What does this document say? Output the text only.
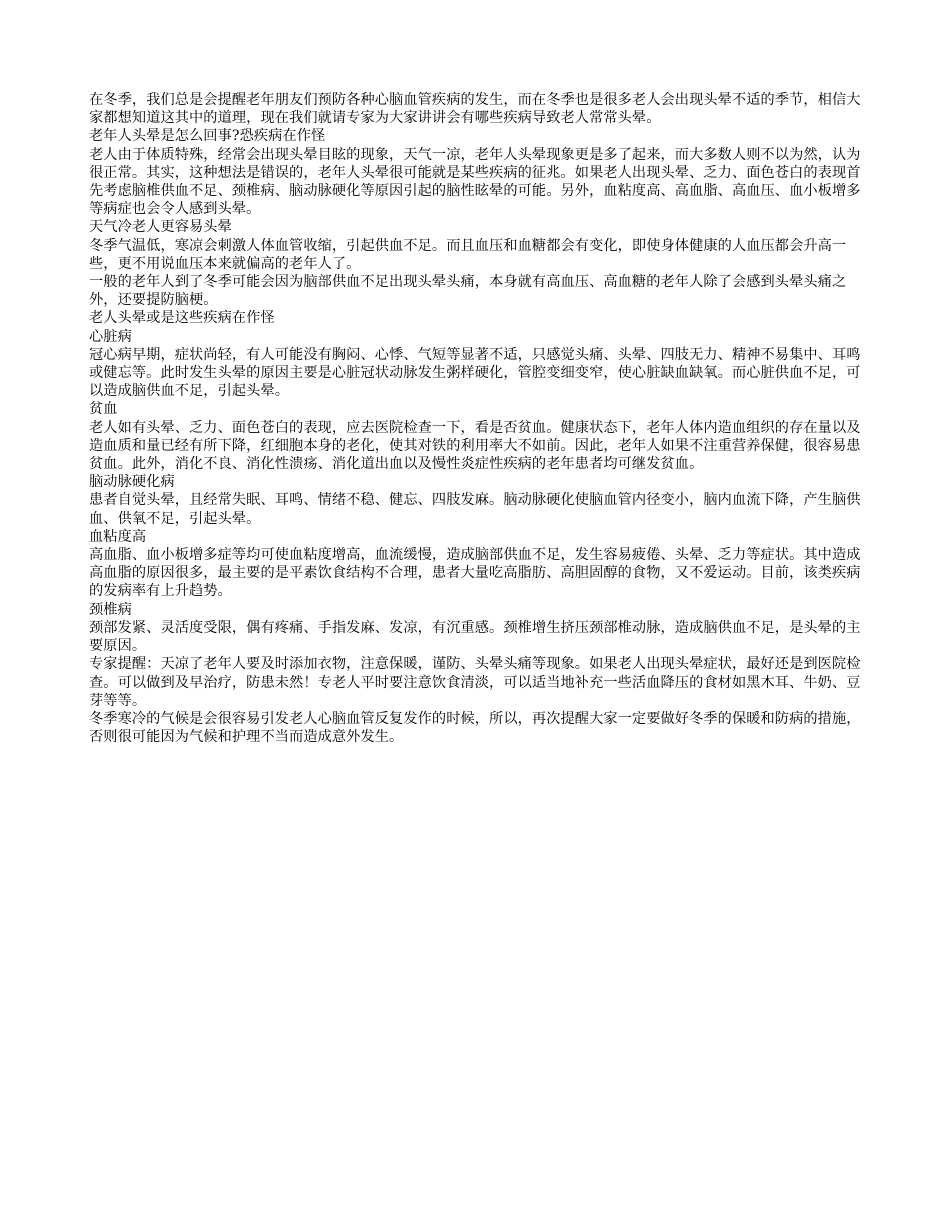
在冬季，我们总是会提醒老年朋友们预防各种心脑血管疾病的发生，而在冬季也是很多老人会出现头晕不适的季节，相信大家都想知道这其中的道理，现在我们就请专家为大家讲讲会有哪些疾病导致老人常常头晕。

老年人头晕是怎么回事?恐疾病在作怪

老人由于体质特殊，经常会出现头晕目眩的现象，天气一凉，老年人头晕现象更是多了起来，而大多数人则不以为然，认为很正常。其实，这种想法是错误的，老年人头晕很可能就是某些疾病的征兆。如果老人出现头晕、乏力、面色苍白的表现首先考虑脑椎供血不足、颈椎病、脑动脉硬化等原因引起的脑性眩晕的可能。另外，血粘度高、高血脂、高血压、血小板增多等病症也会令人感到头晕。

天气冷老人更容易头晕

冬季气温低，寒凉会刺激人体血管收缩，引起供血不足。而且血压和血糖都会有变化，即使身体健康的人血压都会升高一些，更不用说血压本来就偏高的老年人了。

一般的老年人到了冬季可能会因为脑部供血不足出现头晕头痛，本身就有高血压、高血糖的老年人除了会感到头晕头痛之外，还要提防脑梗。

老人头晕或是这些疾病在作怪

心脏病

冠心病早期，症状尚轻，有人可能没有胸闷、心悸、气短等显著不适，只感觉头痛、头晕、四肢无力、精神不易集中、耳鸣或健忘等。此时发生头晕的原因主要是心脏冠状动脉发生粥样硬化，管腔变细变窄，使心脏缺血缺氧。而心脏供血不足，可以造成脑供血不足，引起头晕。

贫血

老人如有头晕、乏力、面色苍白的表现，应去医院检查一下，看是否贫血。健康状态下，老年人体内造血组织的存在量以及造血质和量已经有所下降，红细胞本身的老化，使其对铁的利用率大不如前。因此，老年人如果不注重营养保健，很容易患贫血。此外，消化不良、消化性溃疡、消化道出血以及慢性炎症性疾病的老年患者均可继发贫血。

脑动脉硬化病

患者自觉头晕，且经常失眠、耳鸣、情绪不稳、健忘、四肢发麻。脑动脉硬化使脑血管内径变小，脑内血流下降，产生脑供血、供氧不足，引起头晕。

血粘度高

高血脂、血小板增多症等均可使血粘度增高，血流缓慢，造成脑部供血不足，发生容易疲倦、头晕、乏力等症状。其中造成高血脂的原因很多，最主要的是平素饮食结构不合理，患者大量吃高脂肪、高胆固醇的食物，又不爱运动。目前，该类疾病的发病率有上升趋势。

颈椎病

颈部发紧、灵活度受限，偶有疼痛、手指发麻、发凉，有沉重感。颈椎增生挤压颈部椎动脉，造成脑供血不足，是头晕的主要原因。

专家提醒：天凉了老年人要及时添加衣物，注意保暖，谨防、头晕头痛等现象。如果老人出现头晕症状，最好还是到医院检查。可以做到及早治疗，防患未然！专老人平时要注意饮食清淡，可以适当地补充一些活血降压的食材如黑木耳、牛奶、豆芽等等。

冬季寒冷的气候是会很容易引发老人心脑血管反复发作的时候，所以，再次提醒大家一定要做好冬季的保暖和防病的措施，否则很可能因为气候和护理不当而造成意外发生。
